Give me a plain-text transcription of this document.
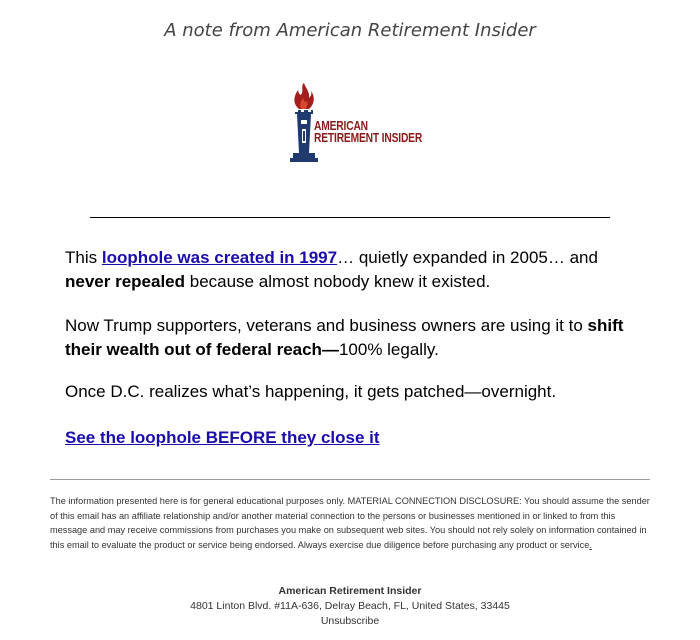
A note from American Retirement Insider
AMERICAN
RETIREMENT INSIDER

This loophole was created in 1997… quietly expanded in 2005… and never repealed because almost nobody knew it existed.

Now Trump supporters, veterans and business owners are using it to shift their wealth out of federal reach—100% legally.

Once D.C. realizes what’s happening, it gets patched—overnight.

See the loophole BEFORE they close it

The information presented here is for general educational purposes only. MATERIAL CONNECTION DISCLOSURE: You should assume the sender of this email has an affiliate relationship and/or another material connection to the persons or businesses mentioned in or linked to from this message and may receive commissions from purchases you make on subsequent web sites. You should not rely solely on information contained in this email to evaluate the product or service being endorsed. Always exercise due diligence before purchasing any product or service.

American Retirement Insider
4801 Linton Blvd. #11A-636, Delray Beach, FL, United States, 33445
Unsubscribe
